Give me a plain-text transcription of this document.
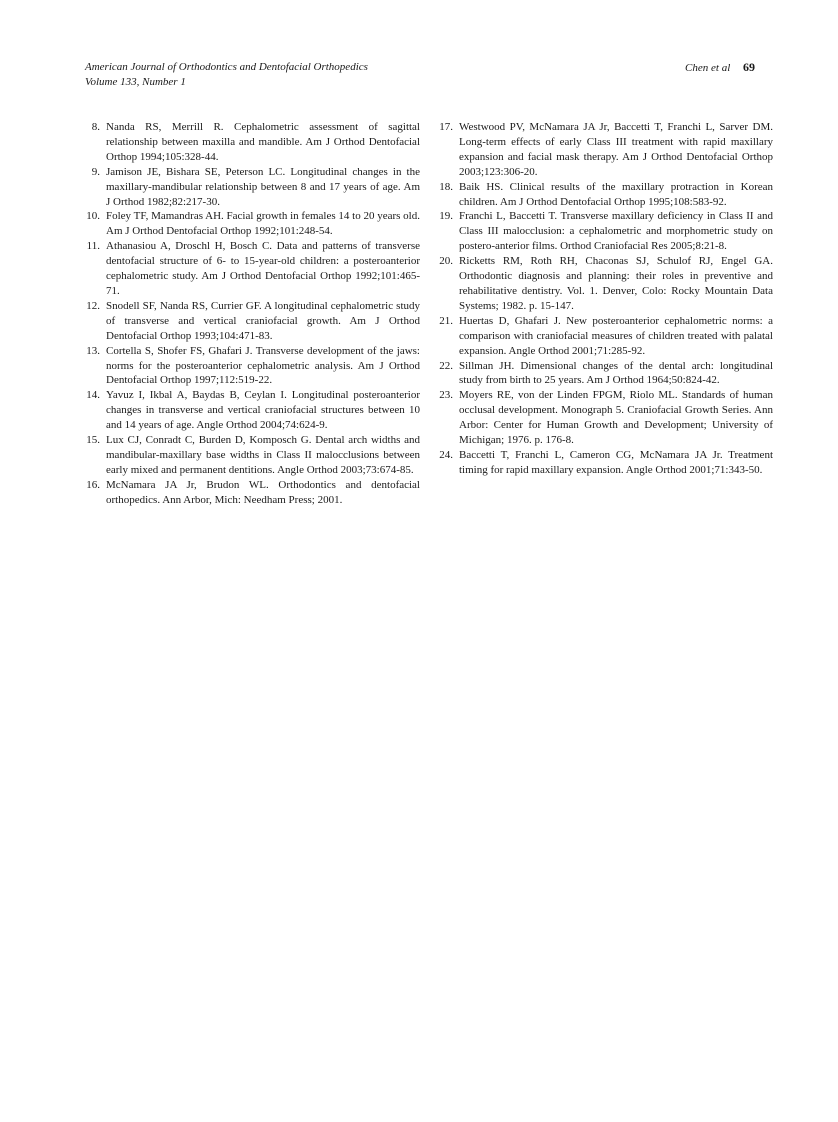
American Journal of Orthodontics and Dentofacial Orthopedics
Volume 133, Number 1
Chen et al 69
8. Nanda RS, Merrill R. Cephalometric assessment of sagittal relationship between maxilla and mandible. Am J Orthod Dentofacial Orthop 1994;105:328-44.
9. Jamison JE, Bishara SE, Peterson LC. Longitudinal changes in the maxillary-mandibular relationship between 8 and 17 years of age. Am J Orthod 1982;82:217-30.
10. Foley TF, Mamandras AH. Facial growth in females 14 to 20 years old. Am J Orthod Dentofacial Orthop 1992;101:248-54.
11. Athanasiou A, Droschl H, Bosch C. Data and patterns of transverse dentofacial structure of 6- to 15-year-old children: a posteroanterior cephalometric study. Am J Orthod Dentofacial Orthop 1992;101:465-71.
12. Snodell SF, Nanda RS, Currier GF. A longitudinal cephalometric study of transverse and vertical craniofacial growth. Am J Orthod Dentofacial Orthop 1993;104:471-83.
13. Cortella S, Shofer FS, Ghafari J. Transverse development of the jaws: norms for the posteroanterior cephalometric analysis. Am J Orthod Dentofacial Orthop 1997;112:519-22.
14. Yavuz I, Ikbal A, Baydas B, Ceylan I. Longitudinal posteroanterior changes in transverse and vertical craniofacial structures between 10 and 14 years of age. Angle Orthod 2004;74:624-9.
15. Lux CJ, Conradt C, Burden D, Komposch G. Dental arch widths and mandibular-maxillary base widths in Class II malocclusions between early mixed and permanent dentitions. Angle Orthod 2003;73:674-85.
16. McNamara JA Jr, Brudon WL. Orthodontics and dentofacial orthopedics. Ann Arbor, Mich: Needham Press; 2001.
17. Westwood PV, McNamara JA Jr, Baccetti T, Franchi L, Sarver DM. Long-term effects of early Class III treatment with rapid maxillary expansion and facial mask therapy. Am J Orthod Dentofacial Orthop 2003;123:306-20.
18. Baik HS. Clinical results of the maxillary protraction in Korean children. Am J Orthod Dentofacial Orthop 1995;108:583-92.
19. Franchi L, Baccetti T. Transverse maxillary deficiency in Class II and Class III malocclusion: a cephalometric and morphometric study on postero-anterior films. Orthod Craniofacial Res 2005;8:21-8.
20. Ricketts RM, Roth RH, Chaconas SJ, Schulof RJ, Engel GA. Orthodontic diagnosis and planning: their roles in preventive and rehabilitative dentistry. Vol. 1. Denver, Colo: Rocky Mountain Data Systems; 1982. p. 15-147.
21. Huertas D, Ghafari J. New posteroanterior cephalometric norms: a comparison with craniofacial measures of children treated with palatal expansion. Angle Orthod 2001;71:285-92.
22. Sillman JH. Dimensional changes of the dental arch: longitudinal study from birth to 25 years. Am J Orthod 1964;50:824-42.
23. Moyers RE, von der Linden FPGM, Riolo ML. Standards of human occlusal development. Monograph 5. Craniofacial Growth Series. Ann Arbor: Center for Human Growth and Development; University of Michigan; 1976. p. 176-8.
24. Baccetti T, Franchi L, Cameron CG, McNamara JA Jr. Treatment timing for rapid maxillary expansion. Angle Orthod 2001;71:343-50.
